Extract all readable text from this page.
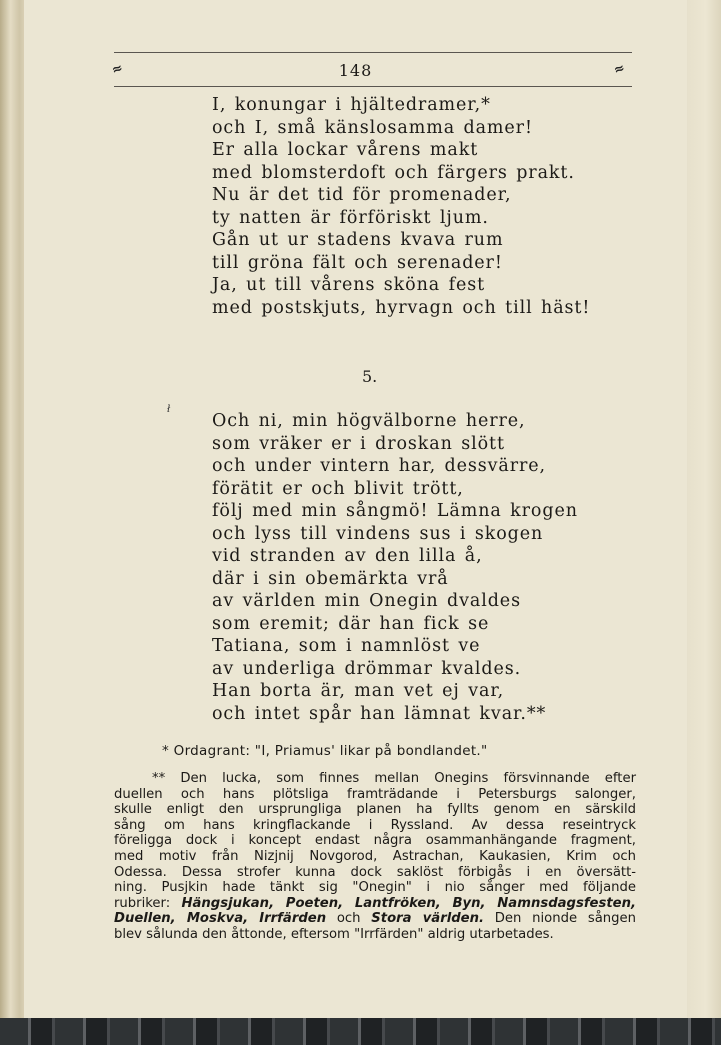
≈	148	≈
I, konungar i hjältedramer,*
och I, små känslosamma damer!
Er alla lockar vårens makt
med blomsterdoft och färgers prakt.
Nu är det tid för promenader,
ty natten är förföriskt ljum.
Gån ut ur stadens kvava rum
till gröna fält och serenader!
Ja, ut till vårens sköna fest
med postskjuts, hyrvagn och till häst!
5.
ł
Och ni, min högvälborne herre,
som vräker er i droskan slött
och under vintern har, dessvärre,
förätit er och blivit trött,
följ med min sångmö! Lämna krogen
och lyss till vindens sus i skogen
vid stranden av den lilla å,
där i sin obemärkta vrå
av världen min Onegin dvaldes
som eremit; där han fick se
Tatiana, som i namnlöst ve
av underliga drömmar kvaldes.
Han borta är, man vet ej var,
och intet spår han lämnat kvar.**
* Ordagrant: "I, Priamus' likar på bondlandet."
** Den lucka, som finnes mellan Onegins försvinnande efter
duellen och hans plötsliga framträdande i Petersburgs salonger,
skulle enligt den ursprungliga planen ha fyllts genom en särskild
sång om hans kringflackande i Ryssland. Av dessa reseintryck
föreligga dock i koncept endast några osammanhängande fragment,
med motiv från Nizjnij Novgorod, Astrachan, Kaukasien, Krim och
Odessa. Dessa strofer kunna dock saklöst förbigås i en översätt-
ning. Pusjkin hade tänkt sig "Onegin" i nio sånger med följande
rubriker: Hängsjukan, Poeten, Lantfröken, Byn, Namnsdagsfesten,
Duellen, Moskva, Irrfärden och Stora världen. Den nionde sången
blev sålunda den åttonde, eftersom "Irrfärden" aldrig utarbetades.
